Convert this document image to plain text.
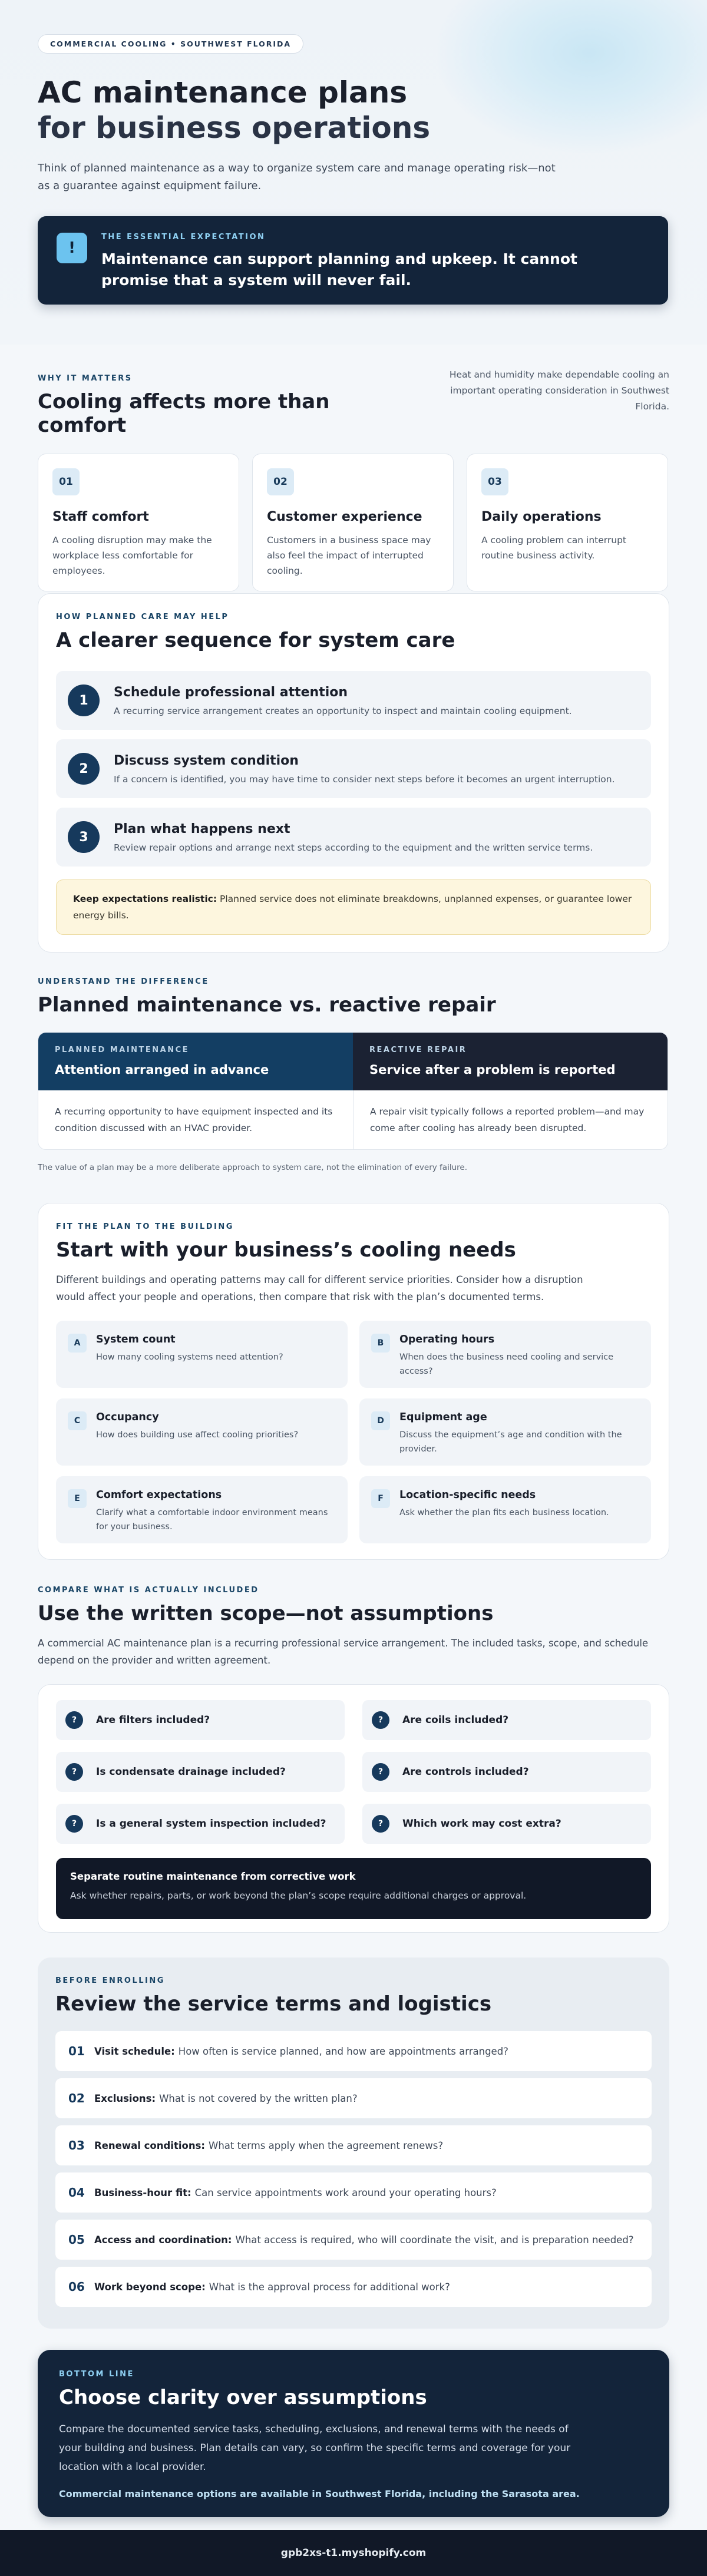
COMMERCIAL COOLING • SOUTHWEST FLORIDA
AC maintenance plans
for business operations

Think of planned maintenance as a way to organize system care and manage operating risk—not as a guarantee against equipment failure.

!
THE ESSENTIAL EXPECTATION
Maintenance can support planning and upkeep. It cannot promise that a system will never fail.
WHY IT MATTERS
Cooling affects more than comfort

Heat and humidity make dependable cooling an important operating consideration in Southwest Florida.

01
Staff comfort

A cooling disruption may make the workplace less comfortable for employees.

02
Customer experience

Customers in a business space may also feel the impact of interrupted cooling.

03
Daily operations

A cooling problem can interrupt routine business activity.

HOW PLANNED CARE MAY HELP
A clearer sequence for system care
1
Schedule professional attention
A recurring service arrangement creates an opportunity to inspect and maintain cooling equipment.
2
Discuss system condition
If a concern is identified, you may have time to consider next steps before it becomes an urgent interruption.
3
Plan what happens next
Review repair options and arrange next steps according to the equipment and the written service terms.
Keep expectations realistic: Planned service does not eliminate breakdowns, unplanned expenses, or guarantee lower energy bills.
UNDERSTAND THE DIFFERENCE
Planned maintenance vs. reactive repair
PLANNED MAINTENANCE
Attention arranged in advance
A recurring opportunity to have equipment inspected and its condition discussed with an HVAC provider.
REACTIVE REPAIR
Service after a problem is reported
A repair visit typically follows a reported problem—and may come after cooling has already been disrupted.

The value of a plan may be a more deliberate approach to system care, not the elimination of every failure.

FIT THE PLAN TO THE BUILDING
Start with your business’s cooling needs

Different buildings and operating patterns may call for different service priorities. Consider how a disruption would affect your people and operations, then compare that risk with the plan’s documented terms.

A	System count
How many cooling systems need attention?
B	Operating hours
When does the business need cooling and service access?
C	Occupancy
How does building use affect cooling priorities?
D	Equipment age
Discuss the equipment’s age and condition with the provider.
E	Comfort expectations
Clarify what a comfortable indoor environment means for your business.
F	Location-specific needs
Ask whether the plan fits each business location.
COMPARE WHAT IS ACTUALLY INCLUDED
Use the written scope—not assumptions

A commercial AC maintenance plan is a recurring professional service arrangement. The included tasks, scope, and schedule depend on the provider and written agreement.

?	Are filters included?	?	Are coils included?
?	Is condensate drainage included?	?	Are controls included?
?	Is a general system inspection included?	?	Which work may cost extra?
Separate routine maintenance from corrective work
Ask whether repairs, parts, or work beyond the plan’s scope require additional charges or approval.
BEFORE ENROLLING
Review the service terms and logistics
01 Visit schedule: How often is service planned, and how are appointments arranged?
02 Exclusions: What is not covered by the written plan?
03 Renewal conditions: What terms apply when the agreement renews?
04 Business-hour fit: Can service appointments work around your operating hours?
05 Access and coordination: What access is required, who will coordinate the visit, and is preparation needed?
06 Work beyond scope: What is the approval process for additional work?
BOTTOM LINE
Choose clarity over assumptions

Compare the documented service tasks, scheduling, exclusions, and renewal terms with the needs of your building and business. Plan details can vary, so confirm the specific terms and coverage for your location with a local provider.

Commercial maintenance options are available in Southwest Florida, including the Sarasota area.

gpb2xs-t1.myshopify.com
